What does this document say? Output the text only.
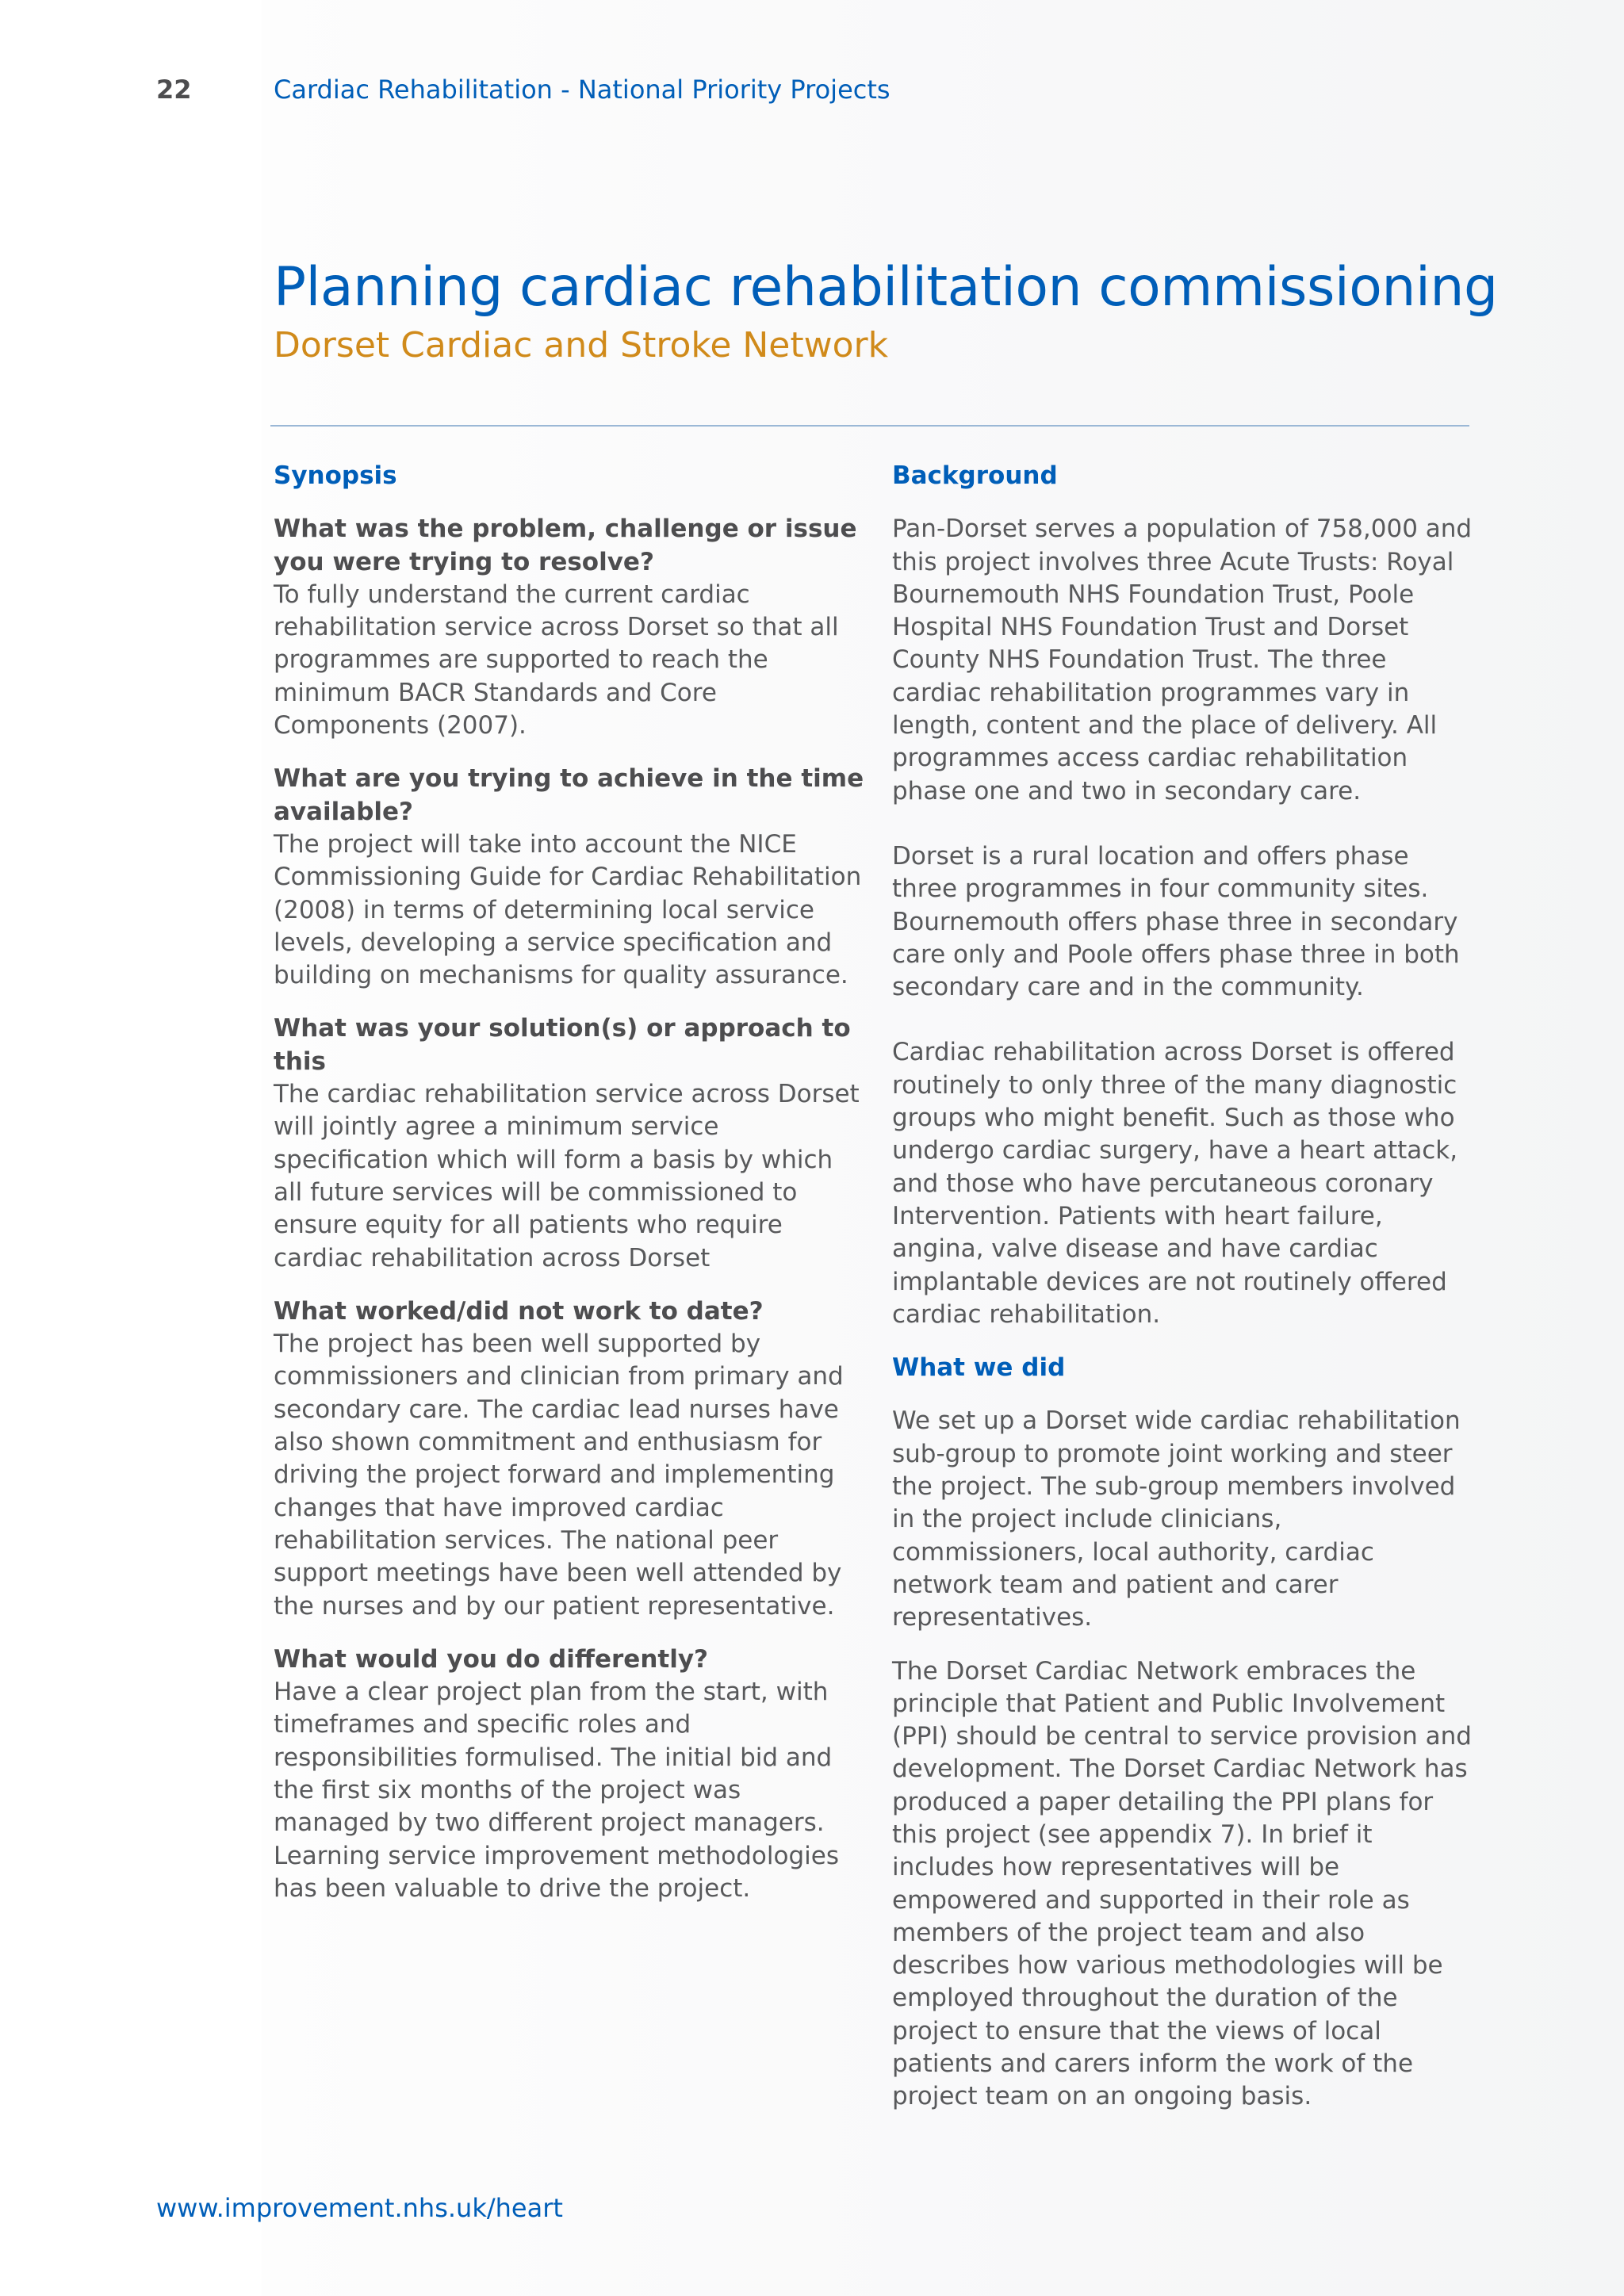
22	Cardiac Rehabilitation - National Priority Projects
Planning cardiac rehabilitation commissioning
Dorset Cardiac and Stroke Network

Synopsis

What was the problem, challenge or issue you were trying to resolve?

To fully understand the current cardiac rehabilitation service across Dorset so that all programmes are supported to reach the minimum BACR Standards and Core Components (2007).

What are you trying to achieve in the time available?

The project will take into account the NICE Commissioning Guide for Cardiac Rehabilitation (2008) in terms of determining local service levels, developing a service specification and building on mechanisms for quality assurance.

What was your solution(s) or approach to this

The cardiac rehabilitation service across Dorset will jointly agree a minimum service specification which will form a basis by which all future services will be commissioned to ensure equity for all patients who require cardiac rehabilitation across Dorset

What worked/did not work to date?

The project has been well supported by commissioners and clinician from primary and secondary care. The cardiac lead nurses have also shown commitment and enthusiasm for driving the project forward and implementing changes that have improved cardiac rehabilitation services. The national peer support meetings have been well attended by the nurses and by our patient representative.

What would you do differently?

Have a clear project plan from the start, with timeframes and specific roles and responsibilities formulised. The initial bid and the first six months of the project was managed by two different project managers. Learning service improvement methodologies has been valuable to drive the project.

Background

Pan-Dorset serves a population of 758,000 and this project involves three Acute Trusts: Royal Bournemouth NHS Foundation Trust, Poole Hospital NHS Foundation Trust and Dorset County NHS Foundation Trust. The three cardiac rehabilitation programmes vary in length, content and the place of delivery. All programmes access cardiac rehabilitation phase one and two in secondary care.

Dorset is a rural location and offers phase three programmes in four community sites. Bournemouth offers phase three in secondary care only and Poole offers phase three in both secondary care and in the community.

Cardiac rehabilitation across Dorset is offered routinely to only three of the many diagnostic groups who might benefit. Such as those who undergo cardiac surgery, have a heart attack, and those who have percutaneous coronary Intervention. Patients with heart failure, angina, valve disease and have cardiac implantable devices are not routinely offered cardiac rehabilitation.

What we did

We set up a Dorset wide cardiac rehabilitation sub-group to promote joint working and steer the project. The sub-group members involved in the project include clinicians, commissioners, local authority, cardiac network team and patient and carer representatives.

The Dorset Cardiac Network embraces the principle that Patient and Public Involvement (PPI) should be central to service provision and development. The Dorset Cardiac Network has produced a paper detailing the PPI plans for this project (see appendix 7). In brief it includes how representatives will be empowered and supported in their role as members of the project team and also describes how various methodologies will be employed throughout the duration of the project to ensure that the views of local patients and carers inform the work of the project team on an ongoing basis.

www.improvement.nhs.uk/heart
